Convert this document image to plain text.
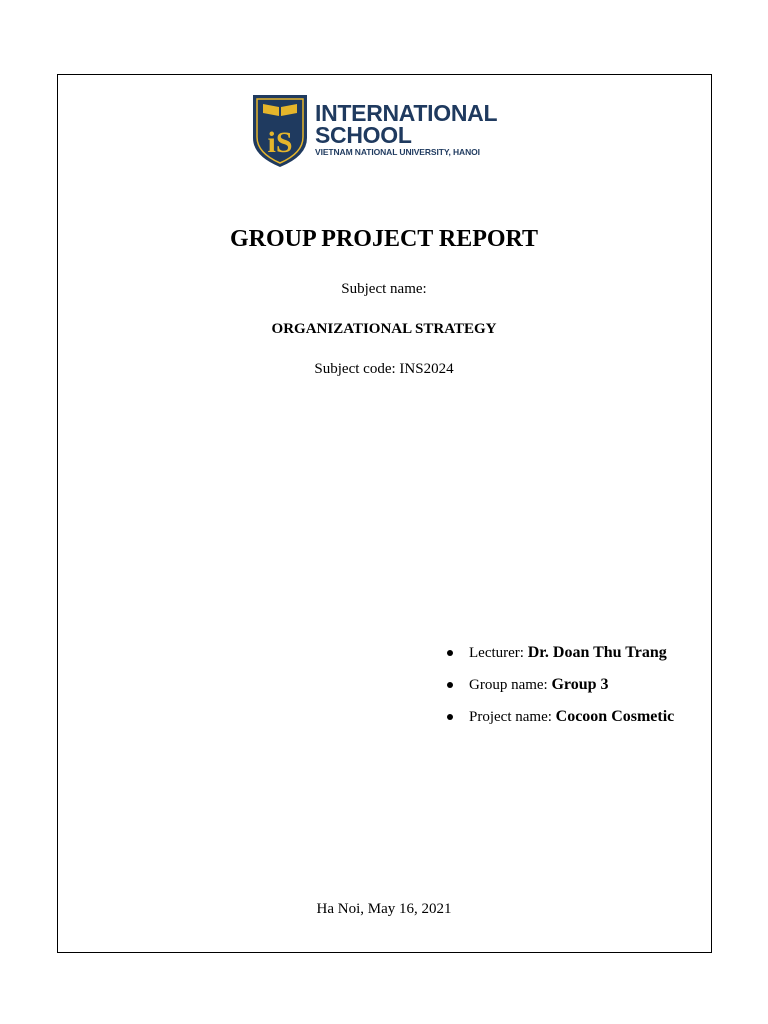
iS
INTERNATIONAL
SCHOOL
VIETNAM NATIONAL UNIVERSITY, HANOI
GROUP PROJECT REPORT

Subject name:

ORGANIZATIONAL STRATEGY

Subject code: INS2024

Lecturer: Dr. Doan Thu Trang
Group name: Group 3
Project name: Cocoon Cosmetic

Ha Noi, May 16, 2021
